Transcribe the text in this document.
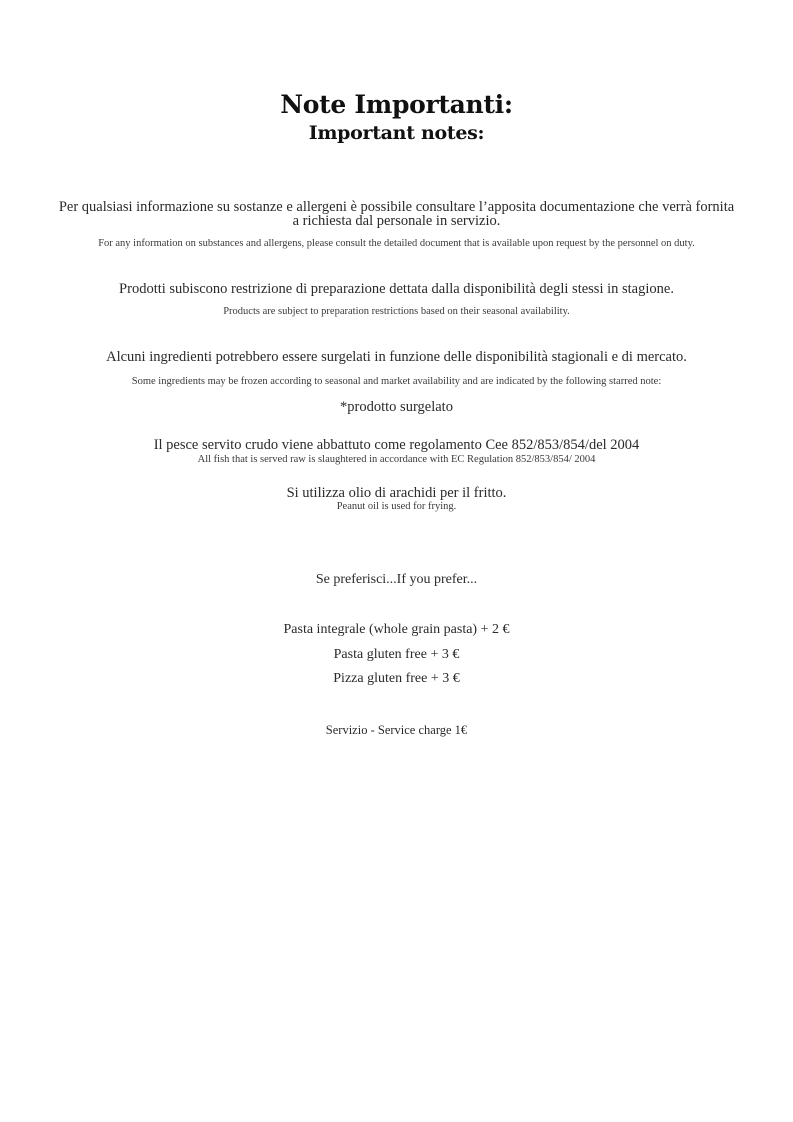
Note Importanti:
Important notes:

Per qualsiasi informazione su sostanze e allergeni è possibile consultare l’apposita documentazione che verrà fornita

a richiesta dal personale in servizio.

For any information on substances and allergens, please consult the detailed document that is available upon request by the personnel on duty.

Prodotti subiscono restrizione di preparazione dettata dalla disponibilità degli stessi in stagione.

Products are subject to preparation restrictions based on their seasonal availability.

Alcuni ingredienti potrebbero essere surgelati in funzione delle disponibilità stagionali e di mercato.

Some ingredients may be frozen according to seasonal and market availability and are indicated by the following starred note:

*prodotto surgelato

Il pesce servito crudo viene abbattuto come regolamento Cee 852/853/854/del 2004

All fish that is served raw is slaughtered in accordance with EC Regulation 852/853/854/ 2004

Si utilizza olio di arachidi per il fritto.

Peanut oil is used for frying.

Se preferisci...If you prefer...

Pasta integrale (whole grain pasta) + 2 €

Pasta gluten free + 3 €

Pizza gluten free + 3 €

Servizio - Service charge 1€
